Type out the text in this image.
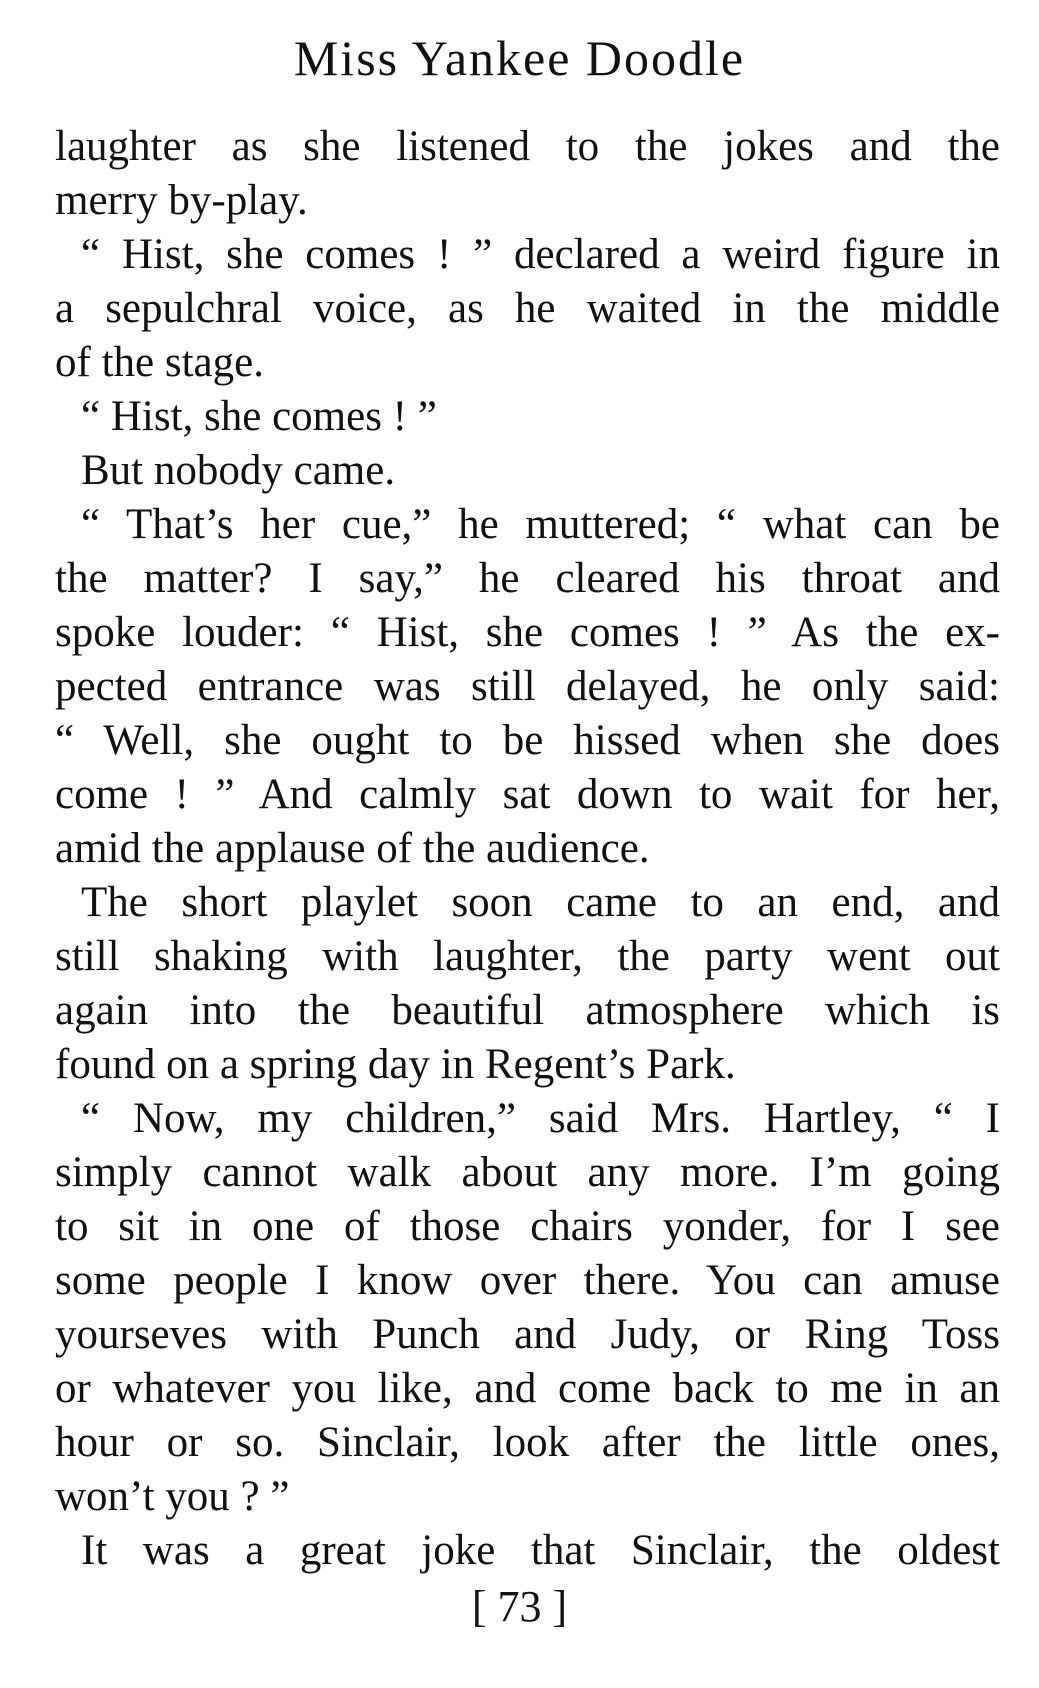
Miss Yankee Doodle
laughter as she listened to the jokes and the
merry by-play.
“ Hist, she comes ! ” declared a weird figure in
a sepulchral voice, as he waited in the middle
of the stage.
“ Hist, she comes ! ”
But nobody came.
“ That’s her cue,” he muttered; “ what can be
the matter? I say,” he cleared his throat and
spoke louder: “ Hist, she comes ! ” As the ex-
pected entrance was still delayed, he only said:
“ Well, she ought to be hissed when she does
come ! ” And calmly sat down to wait for her,
amid the applause of the audience.
The short playlet soon came to an end, and
still shaking with laughter, the party went out
again into the beautiful atmosphere which is
found on a spring day in Regent’s Park.
“ Now, my children,” said Mrs. Hartley, “ I
simply cannot walk about any more. I’m going
to sit in one of those chairs yonder, for I see
some people I know over there. You can amuse
yourseves with Punch and Judy, or Ring Toss
or whatever you like, and come back to me in an
hour or so. Sinclair, look after the little ones,
won’t you ? ”
It was a great joke that Sinclair, the oldest
[ 73 ]
